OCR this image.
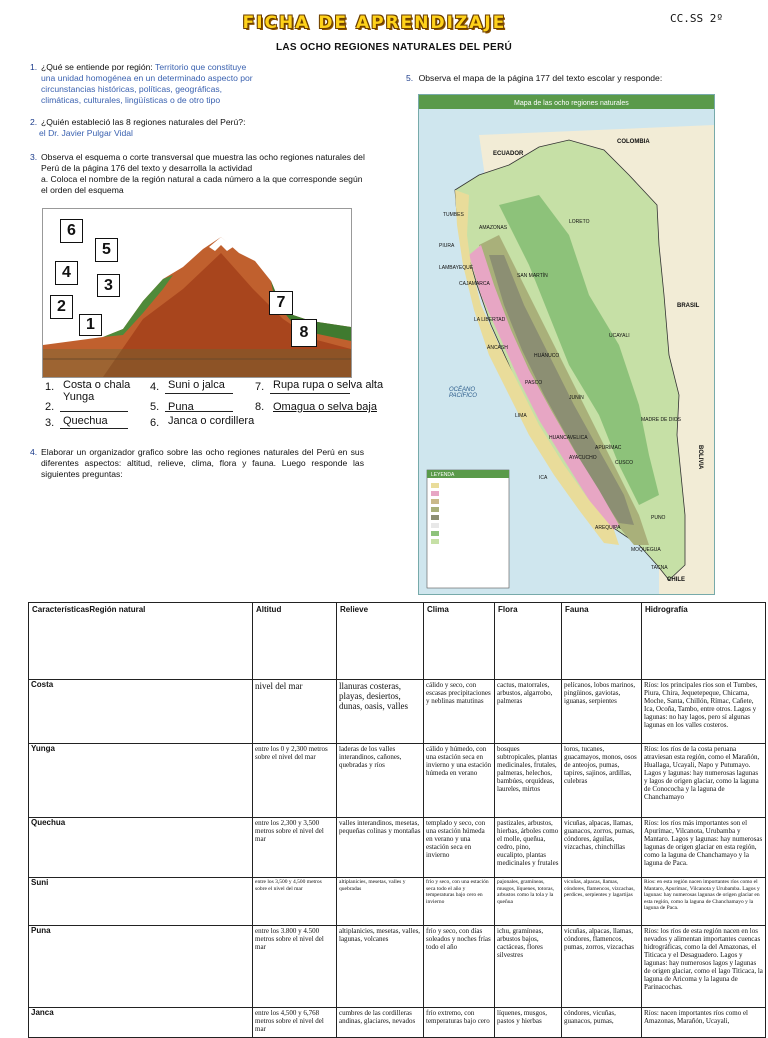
FICHA DE APRENDIZAJE	CC.SS 2º
LAS OCHO REGIONES NATURALES DEL PERÚ
1. ¿Qué se entiende por región: Territorio que constituye una unidad homogénea en un determinado aspecto por circunstancias históricas, políticas, geográficas, climáticas, culturales, lingüísticas o de otro tipo
2. ¿Quién estableció las 8 regiones naturales del Perú?:
el Dr. Javier Pulgar Vidal
3. Observa el esquema o corte transversal que muestra las ocho regiones naturales del Perú de la página 176 del texto y desarrolla la actividad

a. Coloca el nombre de la región natural a cada número a la que corresponde según el orden del esquema
6
5
4
3
2
1
7
8
1. Costa o chala
2.
Yunga
3. Quechua
4. Suni o jalca
5. Puna
6. Janca o cordillera
7. Rupa rupa o selva alta
8. Omagua o selva baja
4. Elaborar un organizador grafico sobre las ocho regiones naturales del Perú en sus diferentes aspectos: altitud, relieve, clima, flora y fauna. Luego responde las siguientes preguntas:
5. Observa el mapa de la página 177 del texto escolar y responde:
Mapa de las ocho regiones naturales
LEYENDA
ECUADOR
COLOMBIA
BRASIL
OCÉANO PACÍFICO
BOLIVIA
CHILE
TUMBES
PIURA
LORETO
AMAZONAS
CAJAMARCA
SAN MARTÍN
LA LIBERTAD
ÁNCASH
HUÁNUCO
PASCO
LIMA
JUNÍN
UCAYALI
CUSCO
MADRE DE DIOS
PUNO
AREQUIPA
MOQUEGUA
TACNA
ICA
AYACUCHO
APURÍMAC
HUANCAVELICA
LAMBAYEQUE
CaracterísticasRegión natural	Altitud	Relieve	Clima	Flora	Fauna	Hidrografía
Costa	nivel del mar	llanuras costeras, playas, desiertos, dunas, oasis, valles	cálido y seco, con escasas precipitaciones y neblinas matutinas	cactus, matorrales, arbustos, algarrobo, palmeras	pelícanos, lobos marinos, pingüinos, gaviotas, iguanas, serpientes	Ríos: los principales ríos son el Tumbes, Piura, Chira, Jequetepeque, Chicama, Moche, Santa, Chillón, Rímac, Cañete, Ica, Ocoña, Tambo, entre otros. Lagos y lagunas: no hay lagos, pero sí algunas lagunas en los valles costeros.
Yunga	entre los 0 y 2,300 metros sobre el nivel del mar	laderas de los valles interandinos, cañones, quebradas y ríos	cálido y húmedo, con una estación seca en invierno y una estación húmeda en verano	bosques subtropicales, plantas medicinales, frutales, palmeras, helechos, bambúes, orquídeas, laureles, mirtos	loros, tucanes, guacamayos, monos, osos de anteojos, pumas, tapires, sajinos, ardillas, culebras	Ríos: los ríos de la costa peruana atraviesan esta región, como el Marañón, Huallaga, Ucayali, Napo y Putumayo. Lagos y lagunas: hay numerosas lagunas y lagos de origen glaciar, como la laguna de Conococha y la laguna de Chanchamayo
Quechua	entre los 2,300 y 3,500 metros sobre el nivel del mar	valles interandinos, mesetas, pequeñas colinas y montañas	templado y seco, con una estación húmeda en verano y una estación seca en invierno	pastizales, arbustos, hierbas, árboles como el molle, queñua, cedro, pino, eucalipto, plantas medicinales y frutales	vicuñas, alpacas, llamas, guanacos, zorros, pumas, cóndores, águilas, vizcachas, chinchillas	Ríos: los ríos más importantes son el Apurímac, Vilcanota, Urubamba y Mantaro. Lagos y lagunas: hay numerosas lagunas de origen glaciar en esta región, como la laguna de Chanchamayo y la laguna de Paca.
Suni	entre los 3,500 y 4,500 metros sobre el nivel del mar	altiplanicies, mesetas, valles y quebradas	frío y seco, con una estación seca todo el año y temperaturas bajo cero en invierno	pajonales, gramíneas, musgos, líquenes, totoras, arbustos como la tola y la queñua	vicuñas, alpacas, llamas, cóndores, flamencos, vizcachas, perdices, serpientes y lagartijas	Ríos: en esta región nacen importantes ríos como el Mantaro, Apurímac, Vilcanota y Urubamba. Lagos y lagunas: hay numerosas lagunas de origen glaciar en esta región, como la laguna de Chanchamayo y la laguna de Paca.
Puna	entre los 3.800 y 4.500 metros sobre el nivel del mar	altiplanicies, mesetas, valles, lagunas, volcanes	frío y seco, con días soleados y noches frías todo el año	ichu, gramíneas, arbustos bajos, cactáceas, flores silvestres	vicuñas, alpacas, llamas, cóndores, flamencos, pumas, zorros, vizcachas	Ríos: los ríos de esta región nacen en los nevados y alimentan importantes cuencas hidrográficas, como la del Amazonas, el Titicaca y el Desaguadero. Lagos y lagunas: hay numerosos lagos y lagunas de origen glaciar, como el lago Titicaca, la laguna de Aricoma y la laguna de Parinacochas.
Janca	entre los 4,500 y 6,768 metros sobre el nivel del mar	cumbres de las cordilleras andinas, glaciares, nevados	frío extremo, con temperaturas bajo cero	líquenes, musgos, pastos y hierbas	cóndores, vicuñas, guanacos, pumas,	Ríos: nacen importantes ríos como el Amazonas, Marañón, Ucayali,
